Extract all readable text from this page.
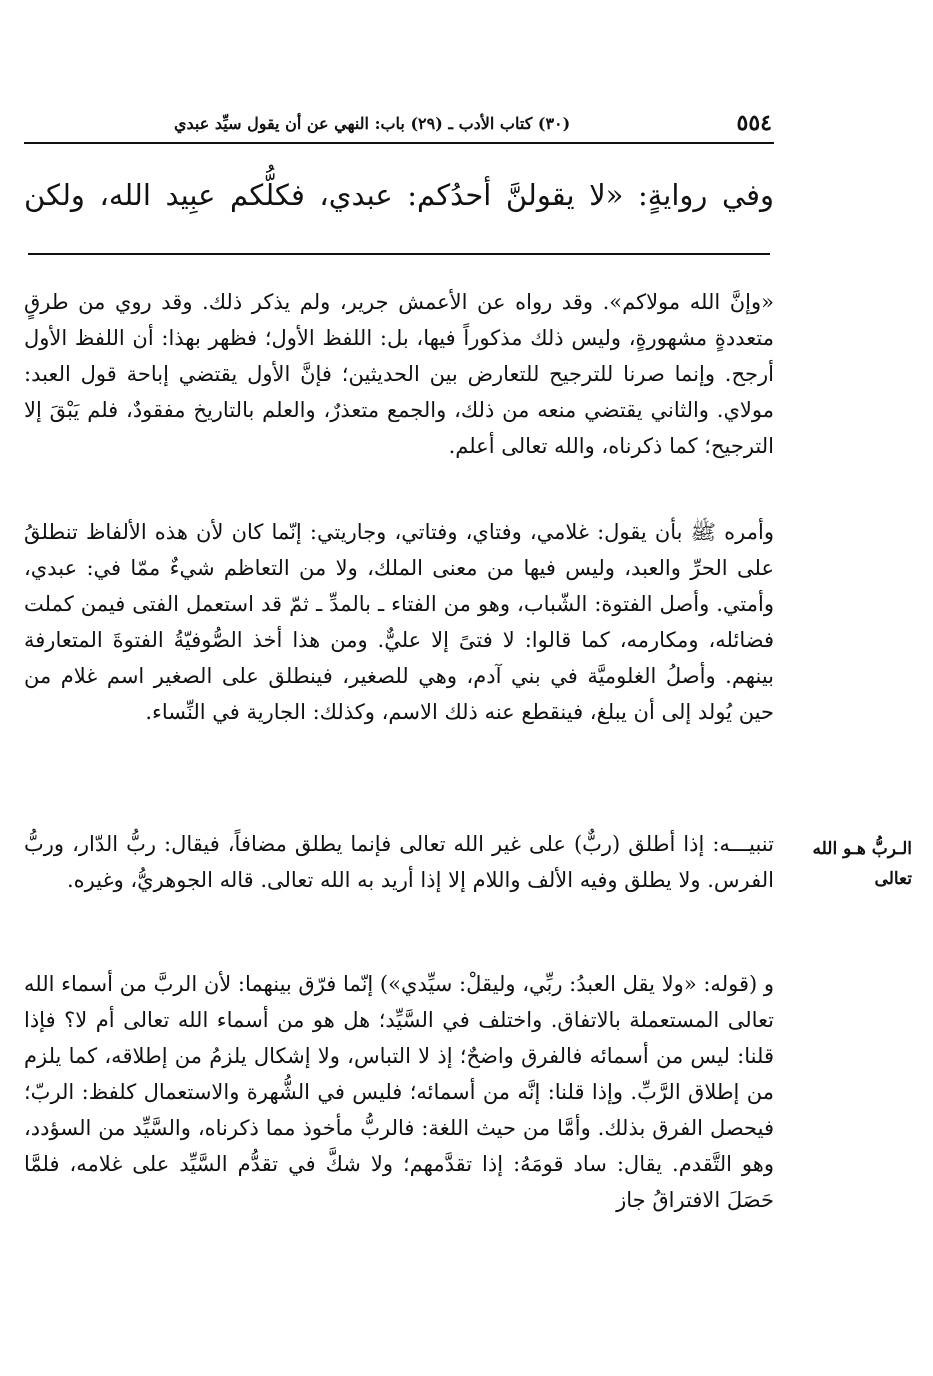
٥٥٤
(٣٠) كتاب الأدب ـ (٢٩) باب: النهي عن أن يقول سيِّد عبدي
وفي روايةٍ: «لا يقولنَّ أحدُكم: عبدي، فكلُّكم عبِيد الله، ولكن

«وإنَّ الله مولاكم». وقد رواه عن الأعمش جرير، ولم يذكر ذلك. وقد روي من طرقٍ متعددةٍ مشهورةٍ، وليس ذلك مذكوراً فيها، بل: اللفظ الأول؛ فظهر بهذا: أن اللفظ الأول أرجح. وإنما صرنا للترجيح للتعارض بين الحديثين؛ فإنَّ الأول يقتضي إباحة قول العبد: مولاي. والثاني يقتضي منعه من ذلك، والجمع متعذرٌ، والعلم بالتاريخ مفقودٌ، فلم يَبْقَ إلا الترجيح؛ كما ذكرناه، والله تعالى أعلم.

وأمره ﷺ بأن يقول: غلامي، وفتاي، وفتاتي، وجاريتي: إنّما كان لأن هذه الألفاظ تنطلقُ على الحرِّ والعبد، وليس فيها من معنى الملك، ولا من التعاظم شيءٌ ممّا في: عبدي، وأمتي. وأصل الفتوة: الشّباب، وهو من الفتاء ـ بالمدِّ ـ ثمّ قد استعمل الفتى فيمن كملت فضائله، ومكارمه، كما قالوا: لا فتىً إلا عليٌّ. ومن هذا أخذ الصُّوفيّةُ الفتوةَ المتعارفة بينهم. وأصلُ الغلوميَّة في بني آدم، وهي للصغير، فينطلق على الصغير اسم غلام من حين يُولد إلى أن يبلغ، فينقطع عنه ذلك الاسم، وكذلك: الجارية في النِّساء.

تنبيـــه: إذا أطلق (ربٌّ) على غير الله تعالى فإنما يطلق مضافاً، فيقال: ربُّ الدّار، وربُّ الفرس. ولا يطلق وفيه الألف واللام إلا إذا أريد به الله تعالى. قاله الجوهريُّ، وغيره.

و (قوله: «ولا يقل العبدُ: ربِّي، وليقلْ: سيِّدي») إنّما فرّق بينهما: لأن الربَّ من أسماء الله تعالى المستعملة بالاتفاق. واختلف في السَّيِّد؛ هل هو من أسماء الله تعالى أم لا؟ فإذا قلنا: ليس من أسمائه فالفرق واضحٌ؛ إذ لا التباس، ولا إشكال يلزمُ من إطلاقه، كما يلزم من إطلاق الرَّبِّ. وإذا قلنا: إنَّه من أسمائه؛ فليس في الشُّهرة والاستعمال كلفظ: الربّ؛ فيحصل الفرق بذلك. وأمَّا من حيث اللغة: فالربُّ مأخوذ مما ذكرناه، والسَّيِّد من السؤدد، وهو التَّقدم. يقال: ساد قومَهُ: إذا تقدَّمهم؛ ولا شكَّ في تقدُّم السَّيِّد على غلامه، فلمَّا حَصَلَ الافتراقُ جاز

الـربُّ هـو الله تعالى
